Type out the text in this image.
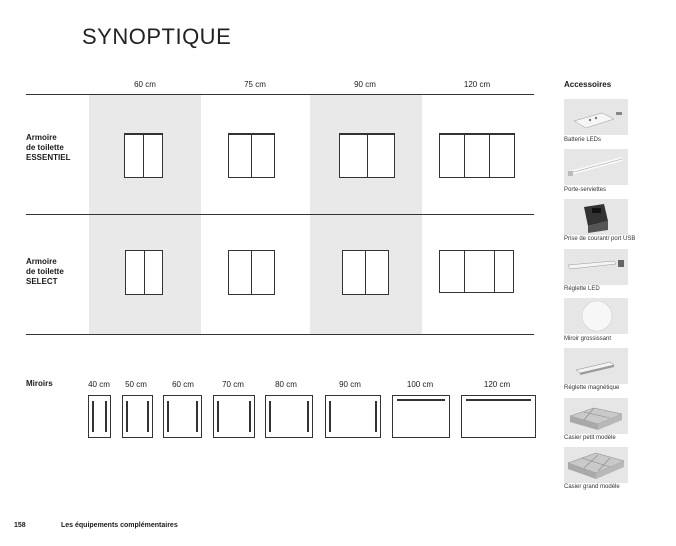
SYNOPTIQUE
60 cm	75 cm	90 cm	120 cm
Armoire
de toilette
ESSENTIEL
Armoire
de toilette
SELECT
Miroirs	40 cm	50 cm	60 cm	70 cm	80 cm	90 cm	100 cm	120 cm
Accessoires
Batterie LEDs
Porte-serviettes
Prise de courant/ port USB
Réglette LED
Miroir grossissant
Réglette magnétique
Casier petit modèle
Casier grand modèle
158	Les équipements complémentaires
